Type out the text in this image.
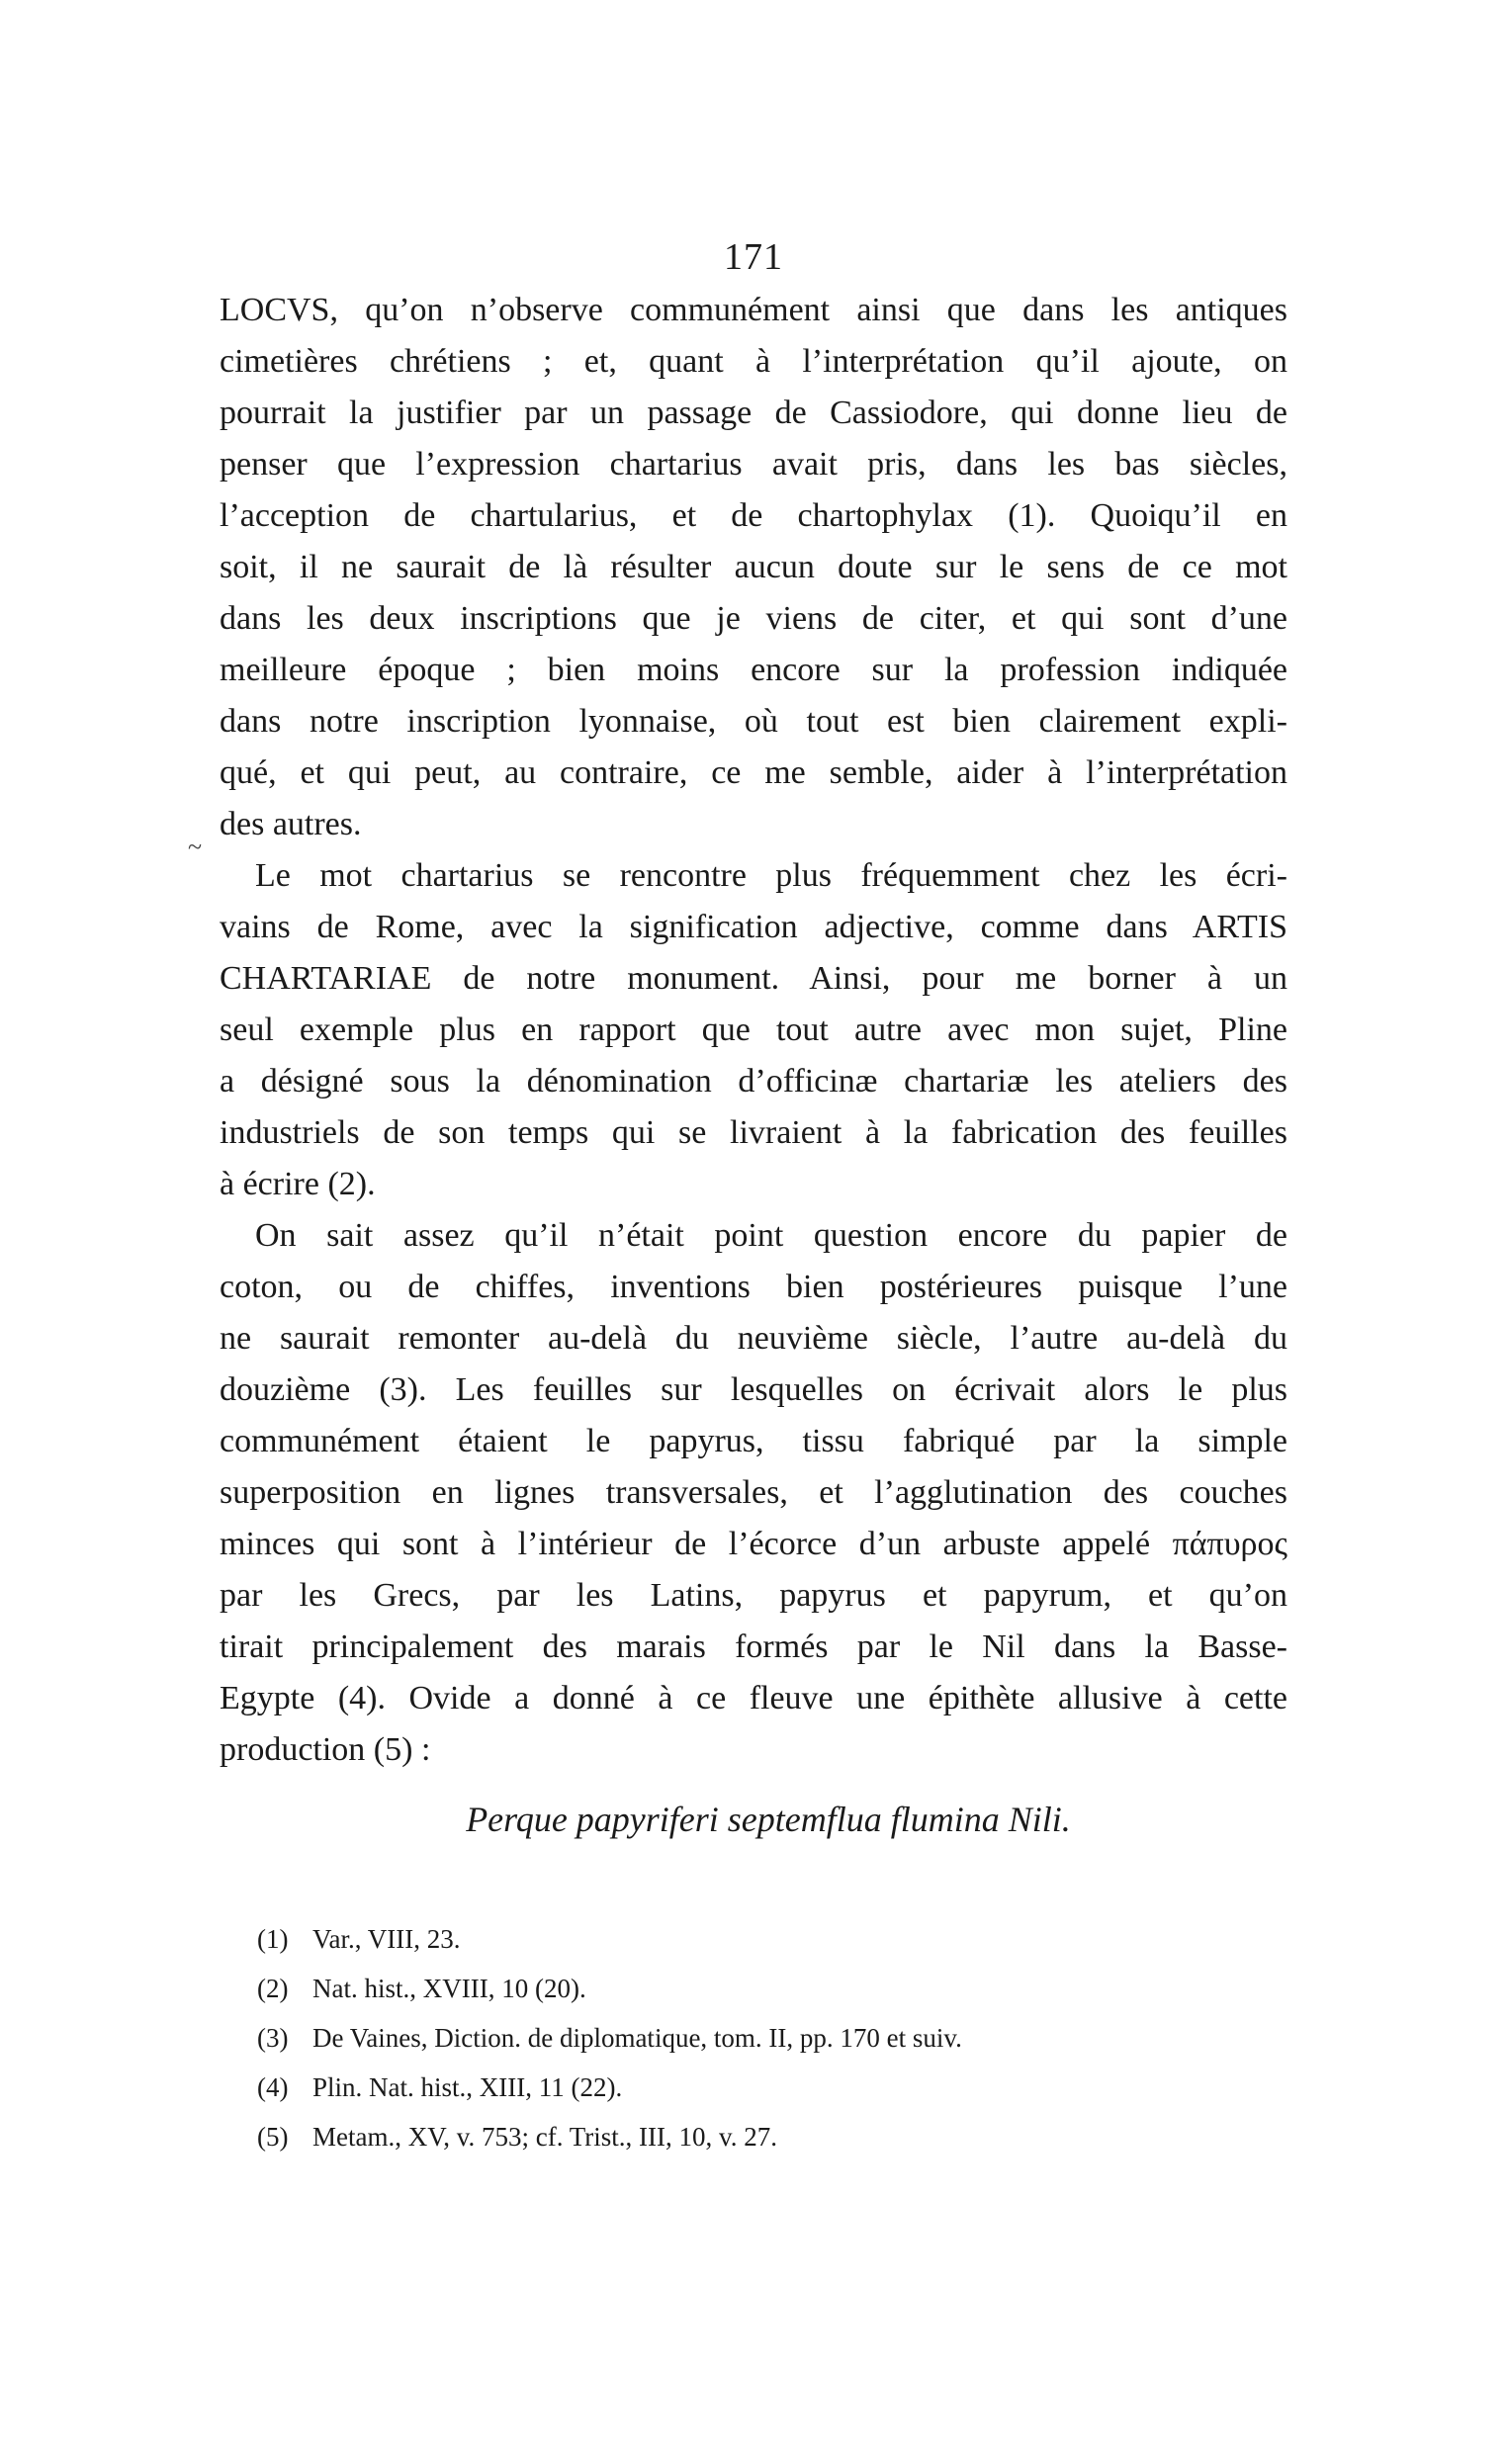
171
LOCVS, qu’on n’observe communément ainsi que dans les antiques
cimetières chrétiens ; et, quant à l’interprétation qu’il ajoute, on
pourrait la justifier par un passage de Cassiodore, qui donne lieu de
penser que l’expression chartarius avait pris, dans les bas siècles,
l’acception de chartularius, et de chartophylax (1). Quoiqu’il en
soit, il ne saurait de là résulter aucun doute sur le sens de ce mot
dans les deux inscriptions que je viens de citer, et qui sont d’une
meilleure époque ; bien moins encore sur la profession indiquée
dans notre inscription lyonnaise, où tout est bien clairement expli-
qué, et qui peut, au contraire, ce me semble, aider à l’interprétation
des autres.
Le mot chartarius se rencontre plus fréquemment chez les écri-
vains de Rome, avec la signification adjective, comme dans ARTIS
CHARTARIAE de notre monument. Ainsi, pour me borner à un
seul exemple plus en rapport que tout autre avec mon sujet, Pline
a désigné sous la dénomination d’officinæ chartariæ les ateliers des
industriels de son temps qui se livraient à la fabrication des feuilles
à écrire (2).
On sait assez qu’il n’était point question encore du papier de
coton, ou de chiffes, inventions bien postérieures puisque l’une
ne saurait remonter au-delà du neuvième siècle, l’autre au-delà du
douzième (3). Les feuilles sur lesquelles on écrivait alors le plus
communément étaient le papyrus, tissu fabriqué par la simple
superposition en lignes transversales, et l’agglutination des couches
minces qui sont à l’intérieur de l’écorce d’un arbuste appelé πάπυρος
par les Grecs, par les Latins, papyrus et papyrum, et qu’on
tirait principalement des marais formés par le Nil dans la Basse-
Egypte (4). Ovide a donné à ce fleuve une épithète allusive à cette
production (5) :

Perque papyriferi septemflua flumina Nili.

(1) Var., VIII, 23.
(2) Nat. hist., XVIII, 10 (20).
(3) De Vaines, Diction. de diplomatique, tom. II, pp. 170 et suiv.
(4) Plin. Nat. hist., XIII, 11 (22).
(5) Metam., XV, v. 753; cf. Trist., III, 10, v. 27.
~
